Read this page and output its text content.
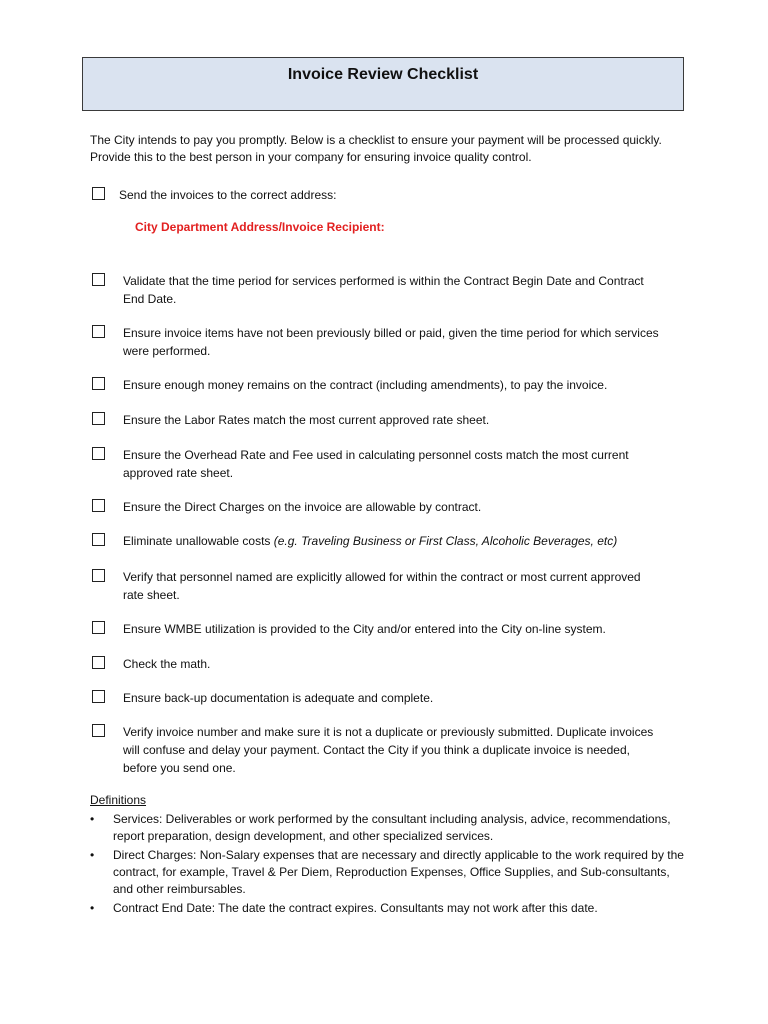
Invoice Review Checklist
The City intends to pay you promptly. Below is a checklist to ensure your payment will be processed quickly. Provide this to the best person in your company for ensuring invoice quality control.
Send the invoices to the correct address:
City Department Address/Invoice Recipient:
Validate that the time period for services performed is within the Contract Begin Date and Contract End Date.
Ensure invoice items have not been previously billed or paid, given the time period for which services were performed.
Ensure enough money remains on the contract (including amendments), to pay the invoice.
Ensure the Labor Rates match the most current approved rate sheet.
Ensure the Overhead Rate and Fee used in calculating personnel costs match the most current approved rate sheet.
Ensure the Direct Charges on the invoice are allowable by contract.
Eliminate unallowable costs (e.g. Traveling Business or First Class, Alcoholic Beverages, etc)
Verify that personnel named are explicitly allowed for within the contract or most current approved rate sheet.
Ensure WMBE utilization is provided to the City and/or entered into the City on-line system.
Check the math.
Ensure back-up documentation is adequate and complete.
Verify invoice number and make sure it is not a duplicate or previously submitted. Duplicate invoices will confuse and delay your payment. Contact the City if you think a duplicate invoice is needed, before you send one.
Definitions
• Services: Deliverables or work performed by the consultant including analysis, advice, recommendations, report preparation, design development, and other specialized services.
• Direct Charges: Non-Salary expenses that are necessary and directly applicable to the work required by the contract, for example, Travel & Per Diem, Reproduction Expenses, Office Supplies, and Sub-consultants, and other reimbursables.
• Contract End Date: The date the contract expires. Consultants may not work after this date.
